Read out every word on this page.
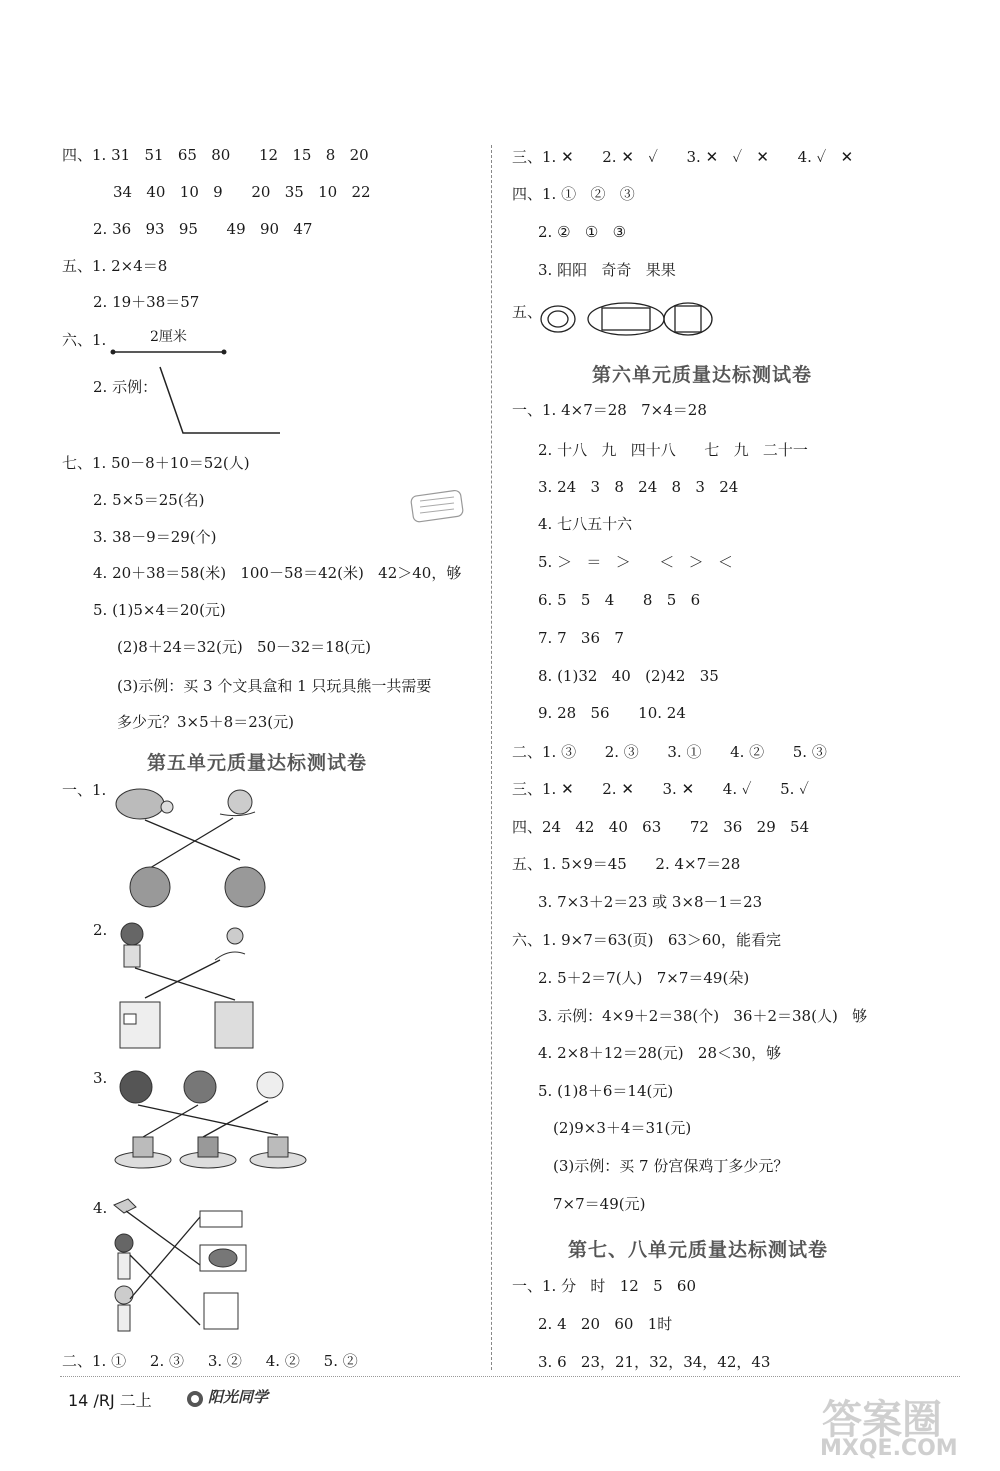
四、1. 31   51   65   80      12   15   8   20
34   40   10   9      20   35   10   22
2. 36   93   95      49   90   47
五、1. 2×4＝8
2. 19＋38＝57
六、1.	2厘米
2. 示例：
七、1. 50－8＋10＝52(人)
2. 5×5＝25(名)
3. 38－9＝29(个)
4. 20＋38＝58(米)   100－58＝42(米)   42＞40，够
5. (1)5×4＝20(元)
(2)8＋24＝32(元)   50－32＝18(元)
(3)示例：买 3 个文具盒和 1 只玩具熊一共需要
多少元？3×5＋8＝23(元)
第五单元质量达标测试卷
一、1.
2.
3.
4.
二、1. ①     2. ③     3. ②     4. ②     5. ②
三、1. ✕      2. ✕   ✓      3. ✕   ✓   ✕      4. ✓   ✕
四、1. ①   ②   ③
2. ②   ①   ③
3. 阳阳   奇奇   果果
五、
第六单元质量达标测试卷
一、1. 4×7＝28   7×4＝28
2. 十八   九   四十八      七   九   二十一
3. 24   3   8   24   8   3   24
4. 七八五十六
5. ＞   ＝   ＞      ＜   ＞   ＜
6. 5   5   4      8   5   6
7. 7   36   7
8. (1)32   40   (2)42   35
9. 28   56      10. 24
二、1. ③      2. ③      3. ①      4. ②      5. ③
三、1. ✕      2. ✕      3. ✕      4. ✓      5. ✓
四、24   42   40   63      72   36   29   54
五、1. 5×9＝45      2. 4×7＝28
3. 7×3＋2＝23 或 3×8－1＝23
六、1. 9×7＝63(页)   63＞60，能看完
2. 5＋2＝7(人)   7×7＝49(朵)
3. 示例：4×9＋2＝38(个)   36＋2＝38(人)   够
4. 2×8＋12＝28(元)   28＜30，够
5. (1)8＋6＝14(元)
(2)9×3＋4＝31(元)
(3)示例：买 7 份宫保鸡丁多少元？
7×7＝49(元)
第七、八单元质量达标测试卷
一、1. 分   时   12   5   60
2. 4   20   60   1时
3. 6   23，21，32，34，42，43
14 /RJ 二上	阳光同学	答案圈
MXQE.COM
